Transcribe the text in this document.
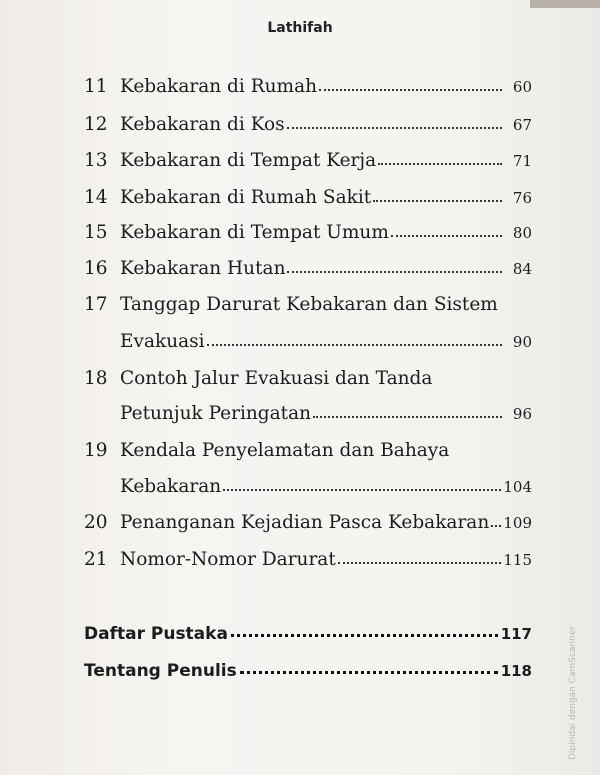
Lathifah
11 Kebakaran di Rumah	60
12 Kebakaran di Kos	67
13 Kebakaran di Tempat Kerja	71
14 Kebakaran di Rumah Sakit	76
15 Kebakaran di Tempat Umum	80
16 Kebakaran Hutan	84
17 Tanggap Darurat Kebakaran dan Sistem
Evakuasi	90
18 Contoh Jalur Evakuasi dan Tanda
Petunjuk Peringatan	96
19 Kendala Penyelamatan dan Bahaya
Kebakaran	104
20 Penanganan Kejadian Pasca Kebakaran 109
21 Nomor-Nomor Darurat	115
Daftar Pustaka	117
Tentang Penulis	118	Dipindai dengan CamScanner
